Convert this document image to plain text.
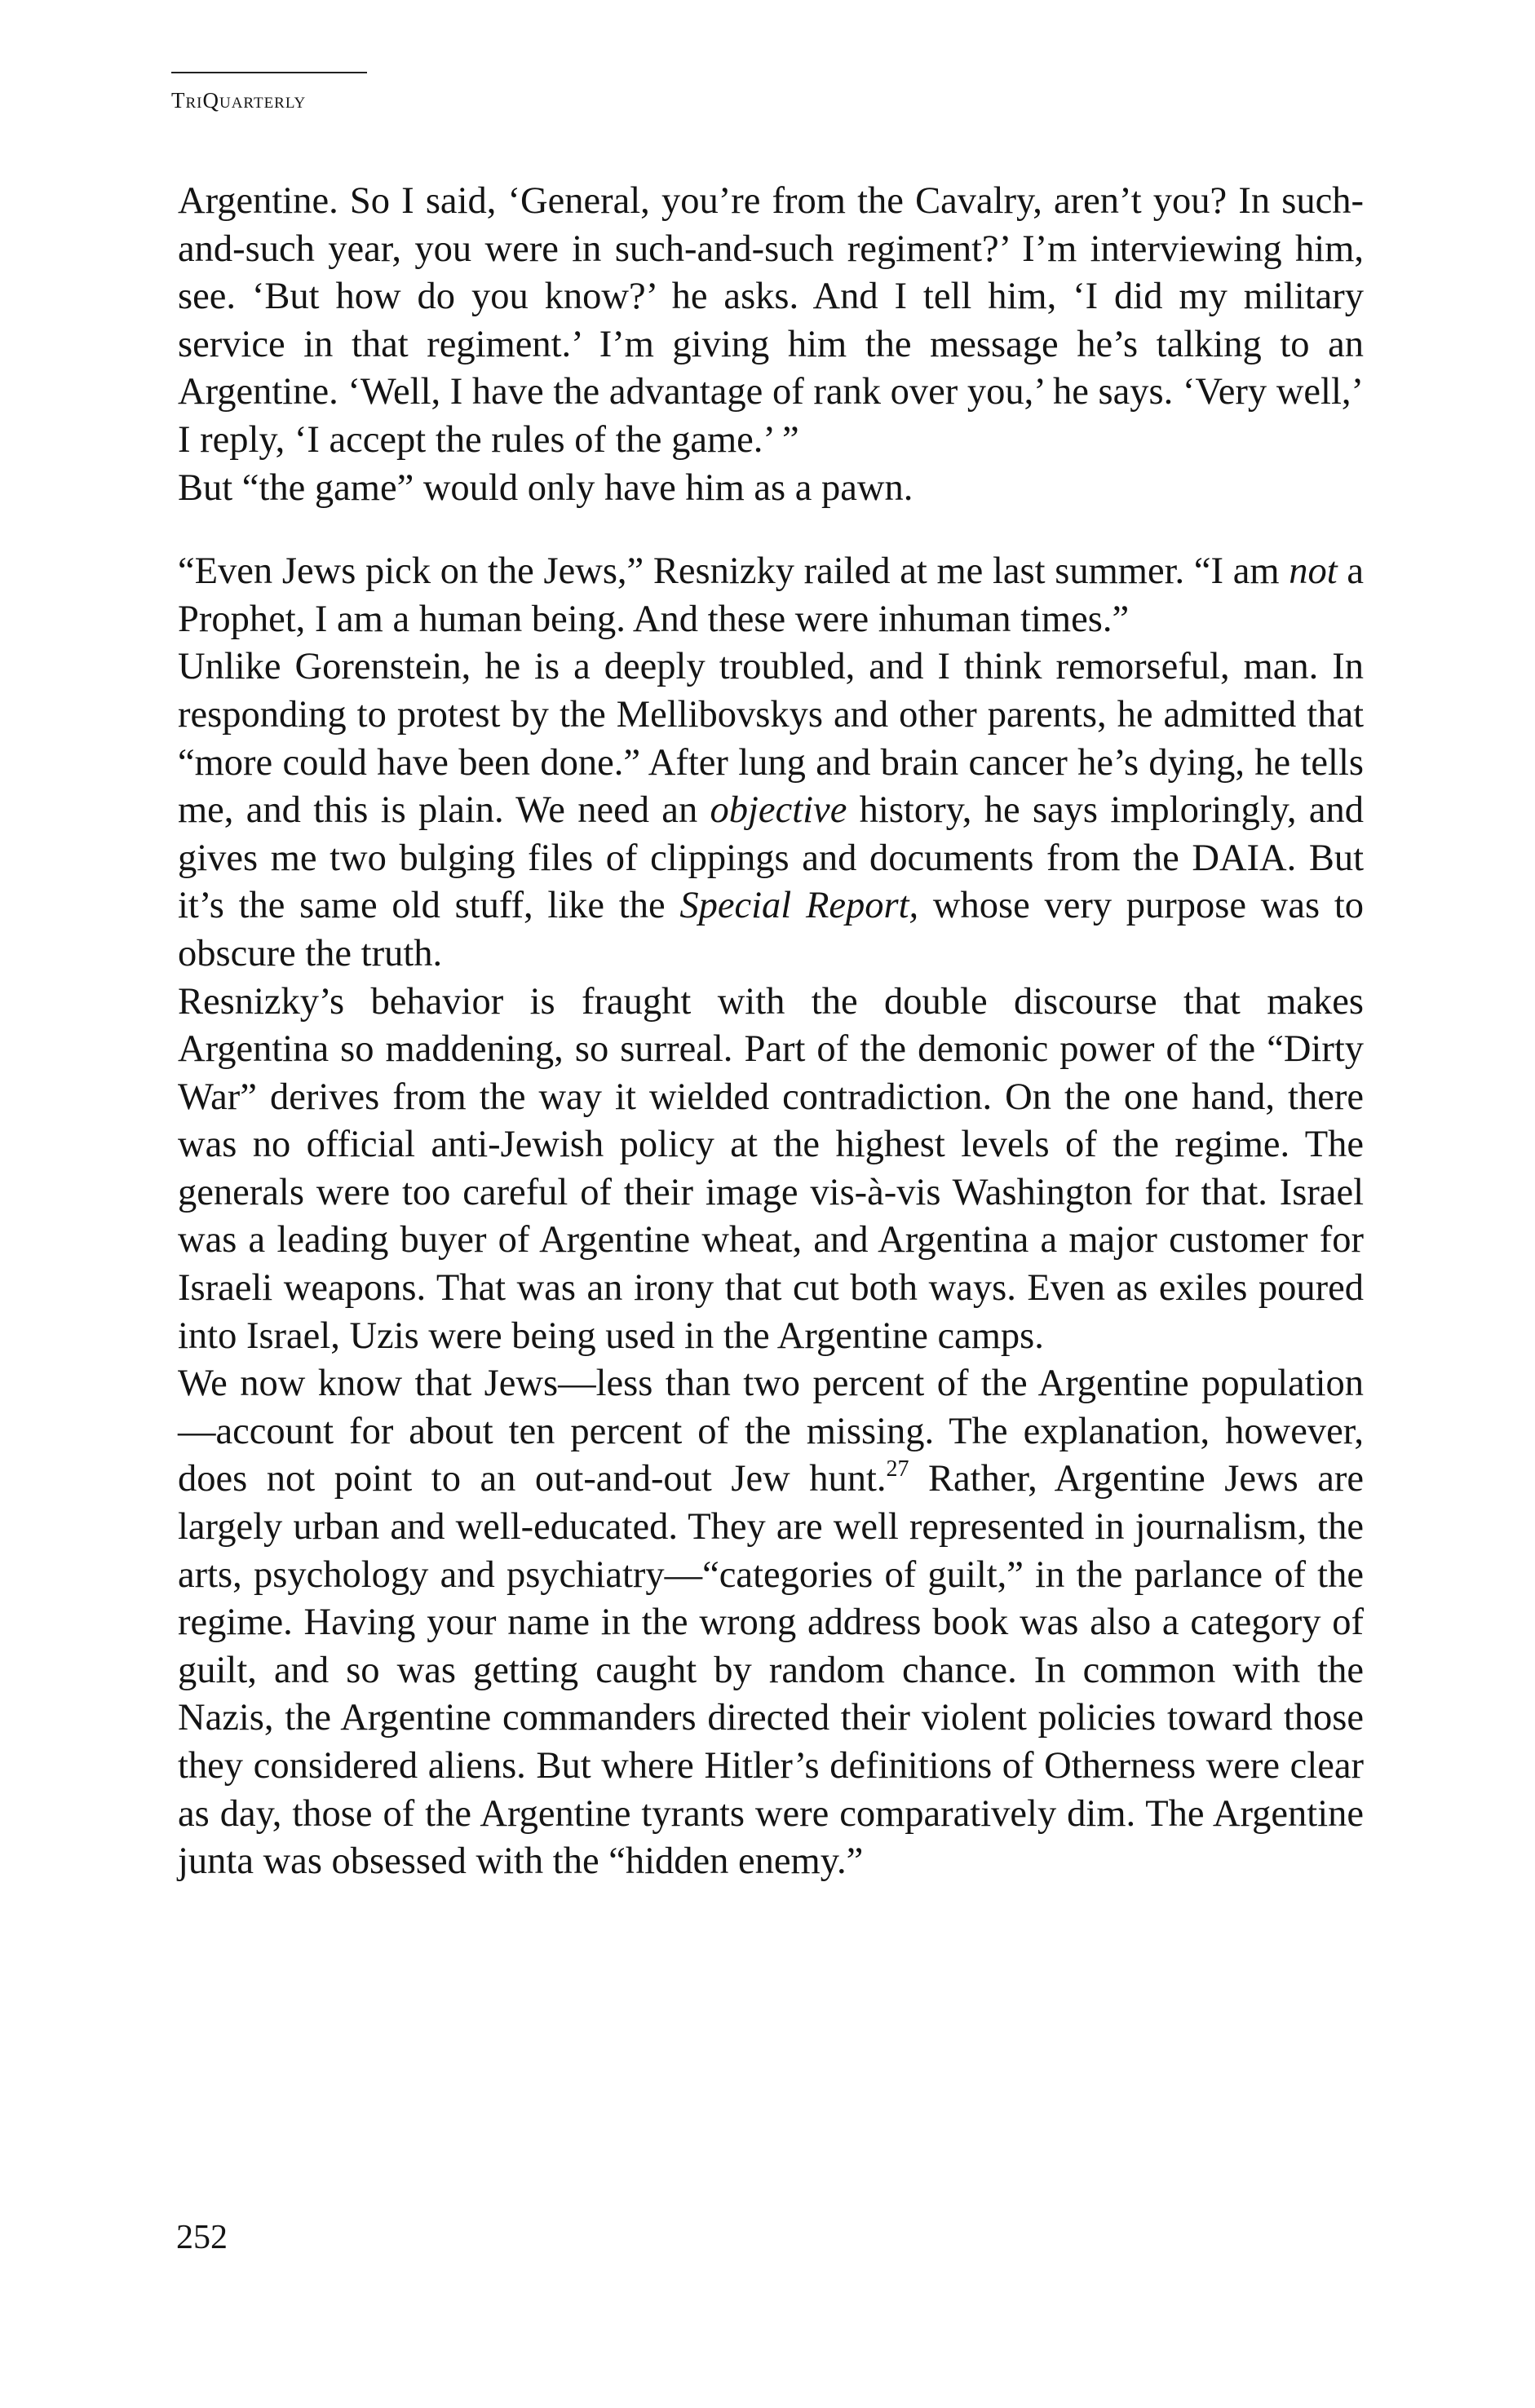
TriQuarterly

Argentine. So I said, ‘General, you’re from the Cavalry, aren’t you? In such-and-such year, you were in such-and-such regiment?’ I’m interviewing him, see. ‘But how do you know?’ he asks. And I tell him, ‘I did my military service in that regiment.’ I’m giving him the message he’s talking to an Argentine. ‘Well, I have the advantage of rank over you,’ he says. ‘Very well,’ I reply, ‘I accept the rules of the game.’ ”

But “the game” would only have him as a pawn.

“Even Jews pick on the Jews,” Resnizky railed at me last summer. “I am not a Prophet, I am a human being. And these were inhuman times.”

Unlike Gorenstein, he is a deeply troubled, and I think remorseful, man. In responding to protest by the Mellibovskys and other parents, he admitted that “more could have been done.” After lung and brain cancer he’s dying, he tells me, and this is plain. We need an objective history, he says imploringly, and gives me two bulging files of clippings and documents from the DAIA. But it’s the same old stuff, like the Special Report, whose very purpose was to obscure the truth.

Resnizky’s behavior is fraught with the double discourse that makes Argentina so maddening, so surreal. Part of the demonic power of the “Dirty War” derives from the way it wielded contradiction. On the one hand, there was no official anti-Jewish policy at the highest levels of the regime. The generals were too careful of their image vis-à-vis Washington for that. Israel was a leading buyer of Argentine wheat, and Argentina a major customer for Israeli weapons. That was an irony that cut both ways. Even as exiles poured into Israel, Uzis were being used in the Argentine camps.

We now know that Jews—less than two percent of the Argentine population—account for about ten percent of the missing. The explanation, however, does not point to an out-and-out Jew hunt.$^{27}$ Rather, Argentine Jews are largely urban and well-educated. They are well represented in journalism, the arts, psychology and psychiatry—“categories of guilt,” in the parlance of the regime. Having your name in the wrong address book was also a category of guilt, and so was getting caught by random chance. In common with the Nazis, the Argentine commanders directed their violent policies toward those they considered aliens. But where Hitler’s definitions of Otherness were clear as day, those of the Argentine tyrants were comparatively dim. The Argentine junta was obsessed with the “hidden enemy.”

252
